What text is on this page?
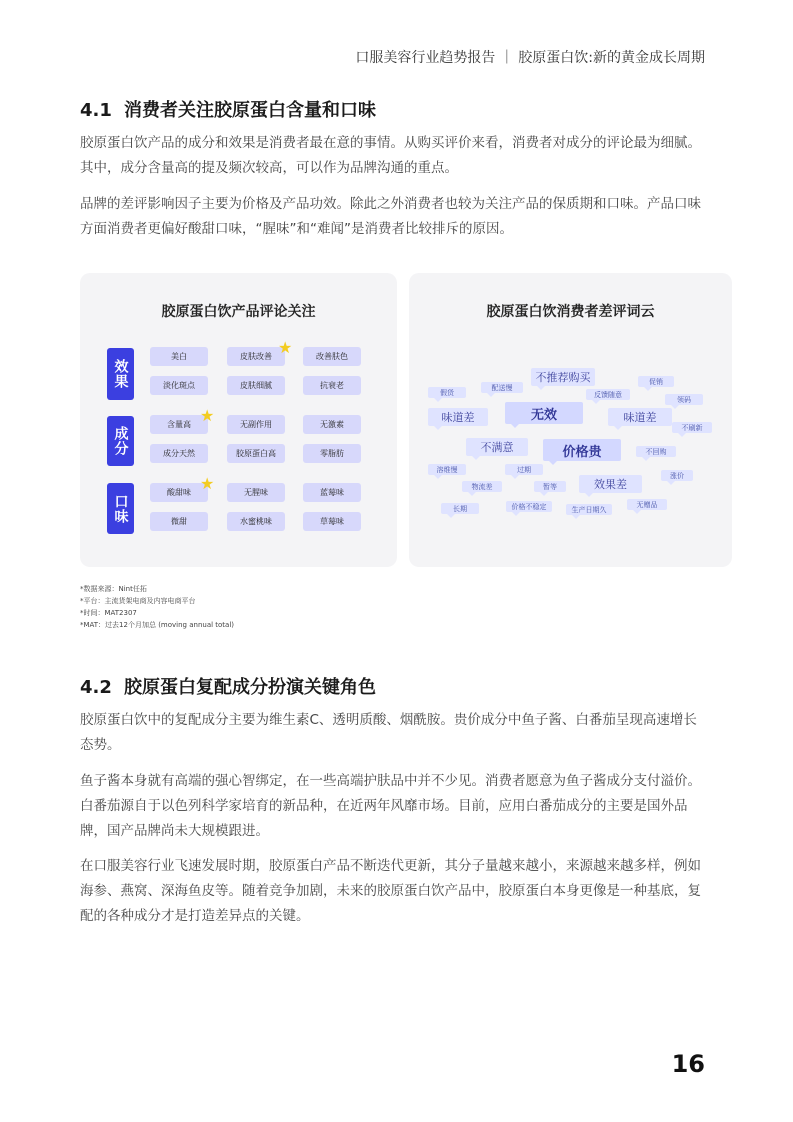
口服美容行业趋势报告 ｜ 胶原蛋白饮:新的黄金成长周期
4.1 消费者关注胶原蛋白含量和口味

胶原蛋白饮产品的成分和效果是消费者最在意的事情。从购买评价来看，消费者对成分的评论最为细腻。其中，成分含量高的提及频次较高，可以作为品牌沟通的重点。

品牌的差评影响因子主要为价格及产品功效。除此之外消费者也较为关注产品的保质期和口味。产品口味方面消费者更偏好酸甜口味，“腥味”和“难闻”是消费者比较排斥的原因。

胶原蛋白饮产品评论关注
效果
成分
口味
美白	皮肤改善	改善肤色
淡化斑点	皮肤细腻	抗衰老
含量高	无副作用	无激素
成分天然	胶原蛋白高	零脂肪
酸甜味	无腥味	蓝莓味
微甜	水蜜桃味	草莓味
★
★
★
胶原蛋白饮消费者差评词云
不推荐购买
无效
味道差	味道差
不满意	价格贵
效果差
假货
配送慢
反馈随意
促销
领码
不刷新
不回购
涨价
溶维慢	过期
物流差	暂等
长期	价格不稳定	生产日期久
无赠品
*数据来源：Nint任拓
*平台：主流货架电商及内容电商平台
*时间：MAT2307
*MAT：过去12个月加总 (moving annual total)
4.2 胶原蛋白复配成分扮演关键角色

胶原蛋白饮中的复配成分主要为维生素C、透明质酸、烟酰胺。贵价成分中鱼子酱、白番茄呈现高速增长态势。

鱼子酱本身就有高端的强心智绑定，在一些高端护肤品中并不少见。消费者愿意为鱼子酱成分支付溢价。白番茄源自于以色列科学家培育的新品种，在近两年风靡市场。目前，应用白番茄成分的主要是国外品牌，国产品牌尚未大规模跟进。

在口服美容行业飞速发展时期，胶原蛋白产品不断迭代更新，其分子量越来越小，来源越来越多样，例如海参、燕窝、深海鱼皮等。随着竞争加剧，未来的胶原蛋白饮产品中，胶原蛋白本身更像是一种基底，复配的各种成分才是打造差异点的关键。

16
